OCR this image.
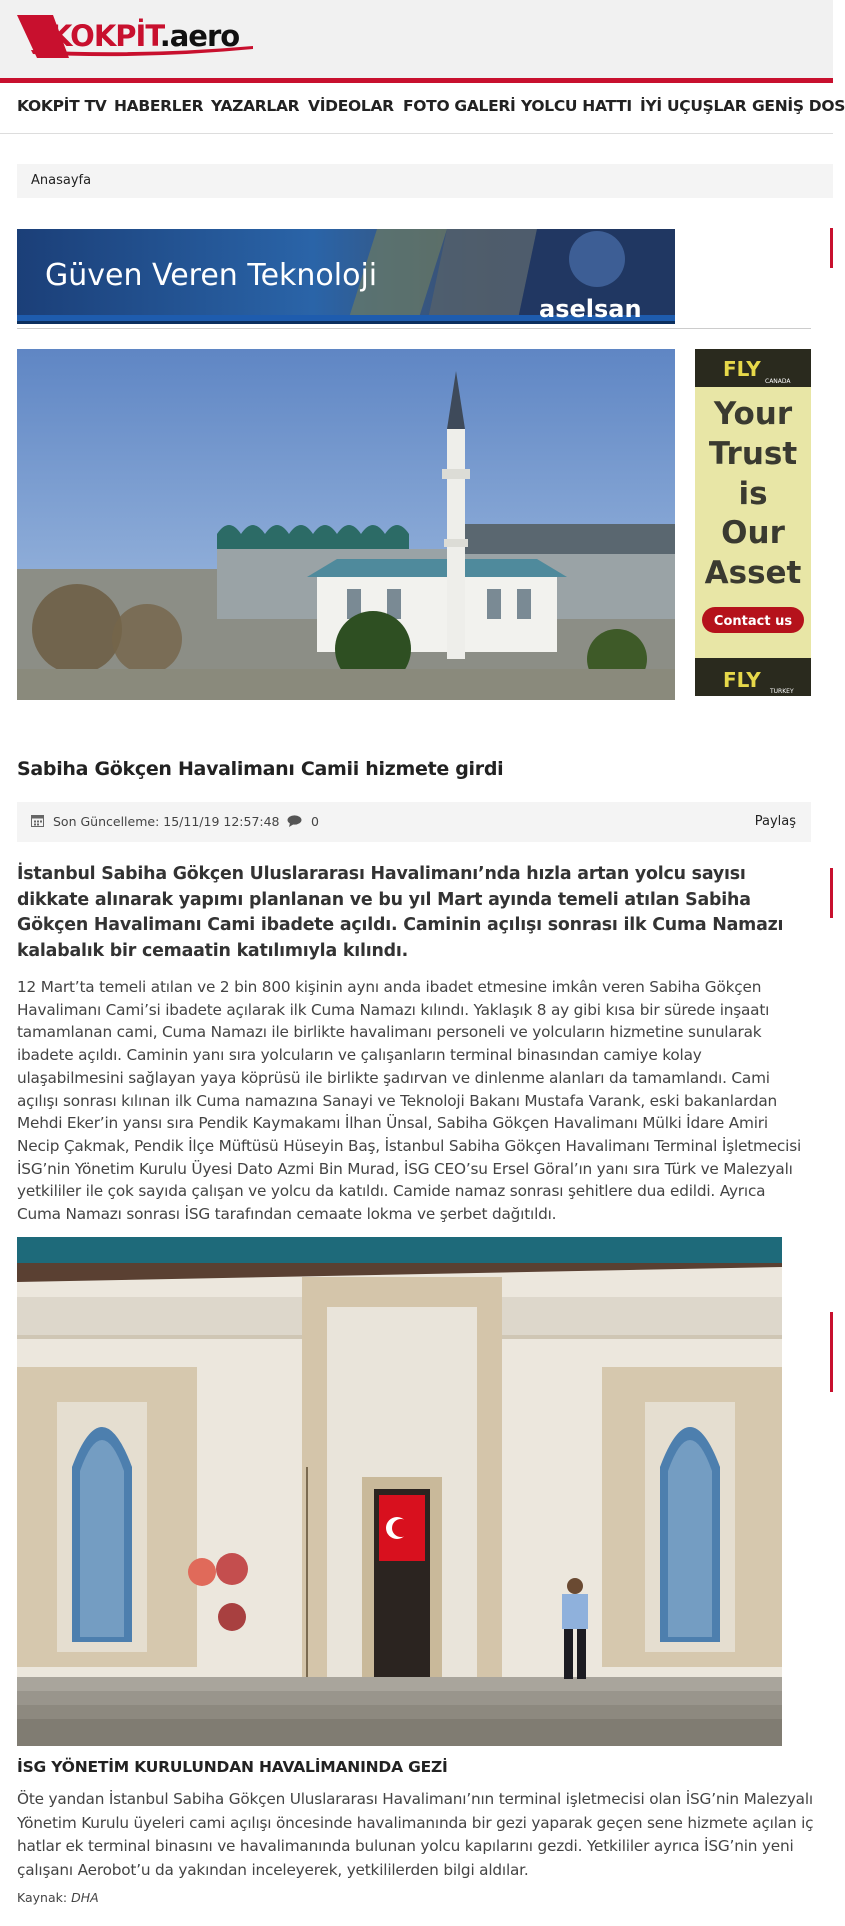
KOKPİT.aero
KOKPİT TV HABERLER YAZARLAR VİDEOLAR FOTO GALERİ YOLCU HATTI İYİ UÇUŞLAR GENİŞ DOS
Anasayfa
Güven Veren Teknoloji
aselsan
FLY
CANADA
Your
Trust
is
Our
Asset
Contact us
FLY TURKEY
Sabiha Gökçen Havalimanı Camii hizmete girdi
Son Güncelleme: 15/11/19 12:57:48	0	Paylaş
İstanbul Sabiha Gökçen Uluslararası Havalimanı’nda hızla artan yolcu sayısı dikkate alınarak yapımı planlanan ve bu yıl Mart ayında temeli atılan Sabiha Gökçen Havalimanı Cami ibadete açıldı. Caminin açılışı sonrası ilk Cuma Namazı kalabalık bir cemaatin katılımıyla kılındı.
12 Mart’ta temeli atılan ve 2 bin 800 kişinin aynı anda ibadet etmesine imkân veren Sabiha Gökçen Havalimanı Cami’si ibadete açılarak ilk Cuma Namazı kılındı. Yaklaşık 8 ay gibi kısa bir sürede inşaatı tamamlanan cami, Cuma Namazı ile birlikte havalimanı personeli ve yolcuların hizmetine sunularak ibadete açıldı. Caminin yanı sıra yolcuların ve çalışanların terminal binasından camiye kolay ulaşabilmesini sağlayan yaya köprüsü ile birlikte şadırvan ve dinlenme alanları da tamamlandı. Cami açılışı sonrası kılınan ilk Cuma namazına Sanayi ve Teknoloji Bakanı Mustafa Varank, eski bakanlardan Mehdi Eker’in yansı sıra Pendik Kaymakamı İlhan Ünsal, Sabiha Gökçen Havalimanı Mülki İdare Amiri Necip Çakmak, Pendik İlçe Müftüsü Hüseyin Baş, İstanbul Sabiha Gökçen Havalimanı Terminal İşletmecisi İSG’nin Yönetim Kurulu Üyesi Dato Azmi Bin Murad, İSG CEO’su Ersel Göral’ın yanı sıra Türk ve Malezyalı yetkililer ile çok sayıda çalışan ve yolcu da katıldı. Camide namaz sonrası şehitlere dua edildi. Ayrıca Cuma Namazı sonrası İSG tarafından cemaate lokma ve şerbet dağıtıldı.
İSG YÖNETİM KURULUNDAN HAVALİMANINDA GEZİ
Öte yandan İstanbul Sabiha Gökçen Uluslararası Havalimanı’nın terminal işletmecisi olan İSG’nin Malezyalı Yönetim Kurulu üyeleri cami açılışı öncesinde havalimanında bir gezi yaparak geçen sene hizmete açılan iç hatlar ek terminal binasını ve havalimanında bulunan yolcu kapılarını gezdi. Yetkililer ayrıca İSG’nin yeni çalışanı Aerobot’u da yakından inceleyerek, yetkililerden bilgi aldılar.
Kaynak: DHA
